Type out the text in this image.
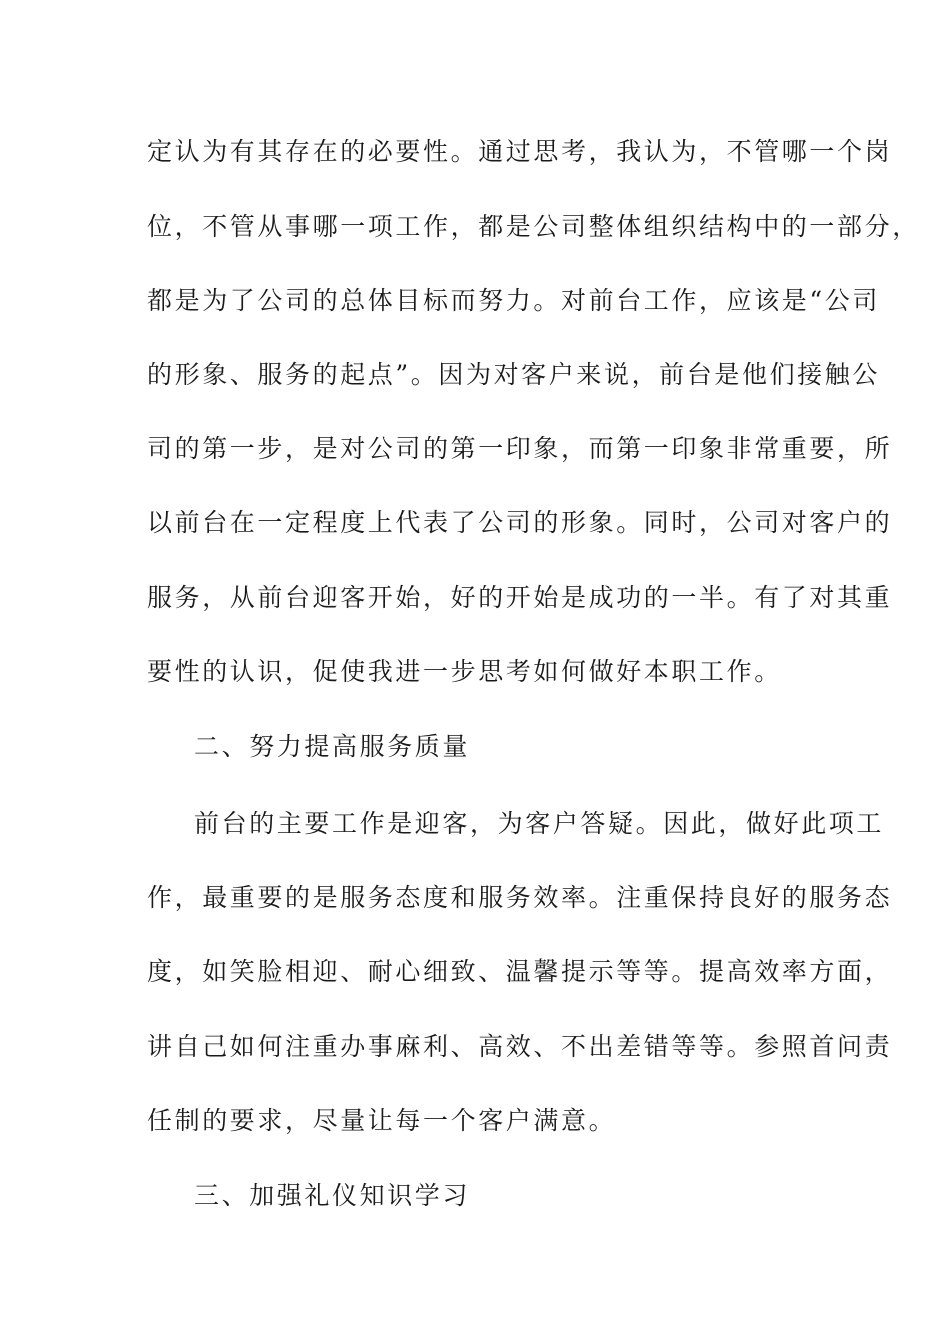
定认为有其存在的必要性。通过思考，我认为，不管哪一个岗
位，不管从事哪一项工作，都是公司整体组织结构中的一部分，
都是为了公司的总体目标而努力。对前台工作，应该是“公司
的形象、服务的起点”。因为对客户来说，前台是他们接触公
司的第一步，是对公司的第一印象，而第一印象非常重要，所
以前台在一定程度上代表了公司的形象。同时，公司对客户的
服务，从前台迎客开始，好的开始是成功的一半。有了对其重
要性的认识，促使我进一步思考如何做好本职工作。
二、努力提高服务质量
前台的主要工作是迎客，为客户答疑。因此，做好此项工
作，最重要的是服务态度和服务效率。注重保持良好的服务态
度，如笑脸相迎、耐心细致、温馨提示等等。提高效率方面，
讲自己如何注重办事麻利、高效、不出差错等等。参照首问责
任制的要求，尽量让每一个客户满意。
三、加强礼仪知识学习
